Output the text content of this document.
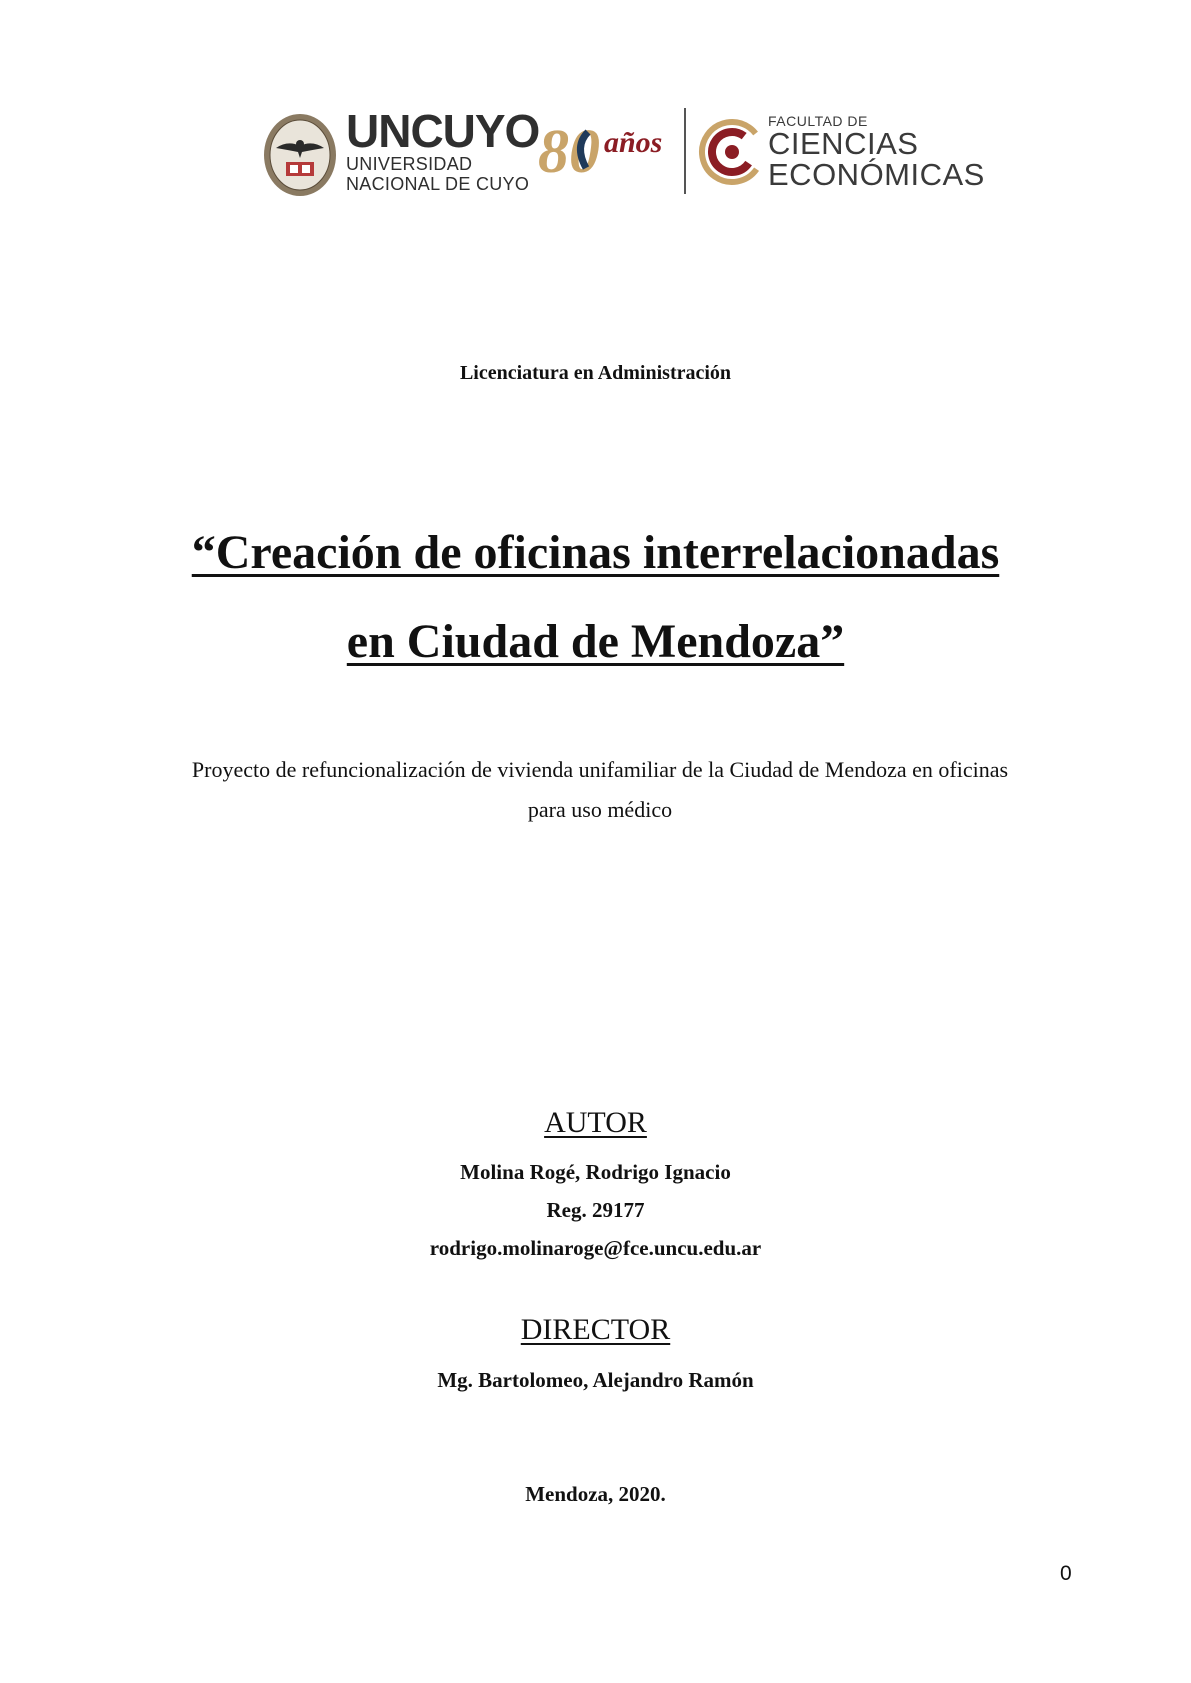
UNCUYO
UNIVERSIDAD
NACIONAL DE CUYO 80 años
FACULTAD DE
CIENCIAS
ECONÓMICAS
Licenciatura en Administración
“Creación de oficinas interrelacionadas
en Ciudad de Mendoza”
Proyecto de refuncionalización de vivienda unifamiliar de la Ciudad de Mendoza en oficinas
para uso médico
AUTOR
Molina Rogé, Rodrigo Ignacio
Reg. 29177
rodrigo.molinaroge@fce.uncu.edu.ar
DIRECTOR
Mg. Bartolomeo, Alejandro Ramón
Mendoza, 2020.
0
